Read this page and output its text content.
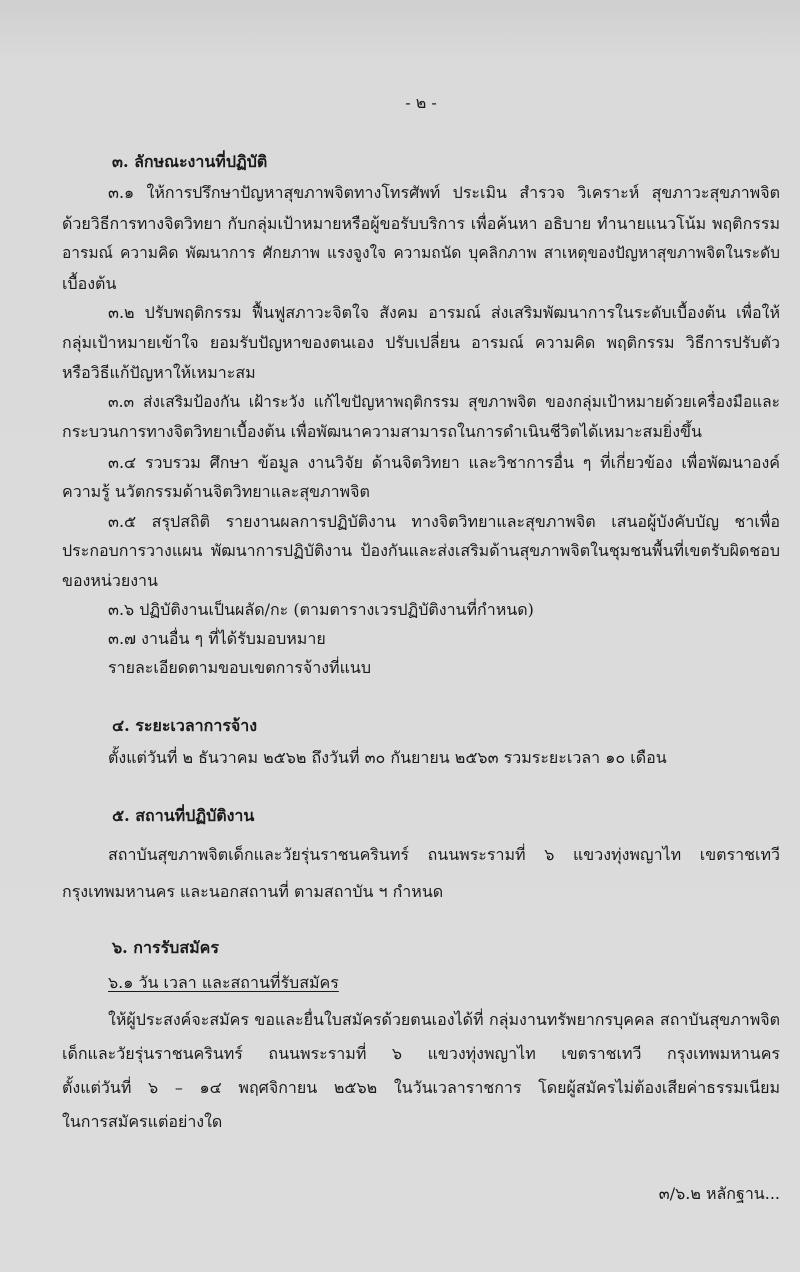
- ๒ -
๓. ลักษณะงานที่ปฏิบัติ
๓.๑ ให้การปรึกษาปัญหาสุขภาพจิตทางโทรศัพท์ ประเมิน สำรวจ วิเคราะห์ สุขภาวะสุขภาพจิต
ด้วยวิธีการทางจิตวิทยา กับกลุ่มเป้าหมายหรือผู้ขอรับบริการ เพื่อค้นหา อธิบาย ทำนายแนวโน้ม พฤติกรรม
อารมณ์ ความคิด พัฒนาการ ศักยภาพ แรงจูงใจ ความถนัด บุคลิกภาพ สาเหตุของปัญหาสุขภาพจิตในระดับ
เบื้องต้น
๓.๒ ปรับพฤติกรรม ฟื้นฟูสภาวะจิตใจ สังคม อารมณ์ ส่งเสริมพัฒนาการในระดับเบื้องต้น เพื่อให้
กลุ่มเป้าหมายเข้าใจ ยอมรับปัญหาของตนเอง ปรับเปลี่ยน อารมณ์ ความคิด พฤติกรรม วิธีการปรับตัว
หรือวิธีแก้ปัญหาให้เหมาะสม
๓.๓ ส่งเสริมป้องกัน เฝ้าระวัง แก้ไขปัญหาพฤติกรรม สุขภาพจิต ของกลุ่มเป้าหมายด้วยเครื่องมือและ
กระบวนการทางจิตวิทยาเบื้องต้น เพื่อพัฒนาความสามารถในการดำเนินชีวิตได้เหมาะสมยิ่งขึ้น
๓.๔ รวบรวม ศึกษา ข้อมูล งานวิจัย ด้านจิตวิทยา และวิชาการอื่น ๆ ที่เกี่ยวข้อง เพื่อพัฒนาองค์
ความรู้ นวัตกรรมด้านจิตวิทยาและสุขภาพจิต
๓.๕ สรุปสถิติ รายงานผลการปฏิบัติงาน ทางจิตวิทยาและสุขภาพจิต เสนอผู้บังคับบัญ ชาเพื่อ
ประกอบการวางแผน พัฒนาการปฏิบัติงาน ป้องกันและส่งเสริมด้านสุขภาพจิตในชุมชนพื้นที่เขตรับผิดชอบ
ของหน่วยงาน
๓.๖ ปฏิบัติงานเป็นผลัด/กะ (ตามตารางเวรปฏิบัติงานที่กำหนด)
๓.๗ งานอื่น ๆ ที่ได้รับมอบหมาย
รายละเอียดตามขอบเขตการจ้างที่แนบ
๔. ระยะเวลาการจ้าง
ตั้งแต่วันที่ ๒ ธันวาคม ๒๕๖๒ ถึงวันที่ ๓๐ กันยายน ๒๕๖๓ รวมระยะเวลา ๑๐ เดือน
๕. สถานที่ปฏิบัติงาน
สถาบันสุขภาพจิตเด็กและวัยรุ่นราชนครินทร์ ถนนพระรามที่ ๖ แขวงทุ่งพญาไท เขตราชเทวี
กรุงเทพมหานคร และนอกสถานที่ ตามสถาบัน ฯ กำหนด
๖. การรับสมัคร
๖.๑ วัน เวลา และสถานที่รับสมัคร
ให้ผู้ประสงค์จะสมัคร ขอและยื่นใบสมัครด้วยตนเองได้ที่ กลุ่มงานทรัพยากรบุคคล สถาบันสุขภาพจิต
เด็กและวัยรุ่นราชนครินทร์ ถนนพระรามที่ ๖ แขวงทุ่งพญาไท เขตราชเทวี กรุงเทพมหานคร
ตั้งแต่วันที่ ๖ – ๑๔ พฤศจิกายน ๒๕๖๒ ในวันเวลาราชการ โดยผู้สมัครไม่ต้องเสียค่าธรรมเนียม
ในการสมัครแต่อย่างใด
๓/๖.๒ หลักฐาน...
